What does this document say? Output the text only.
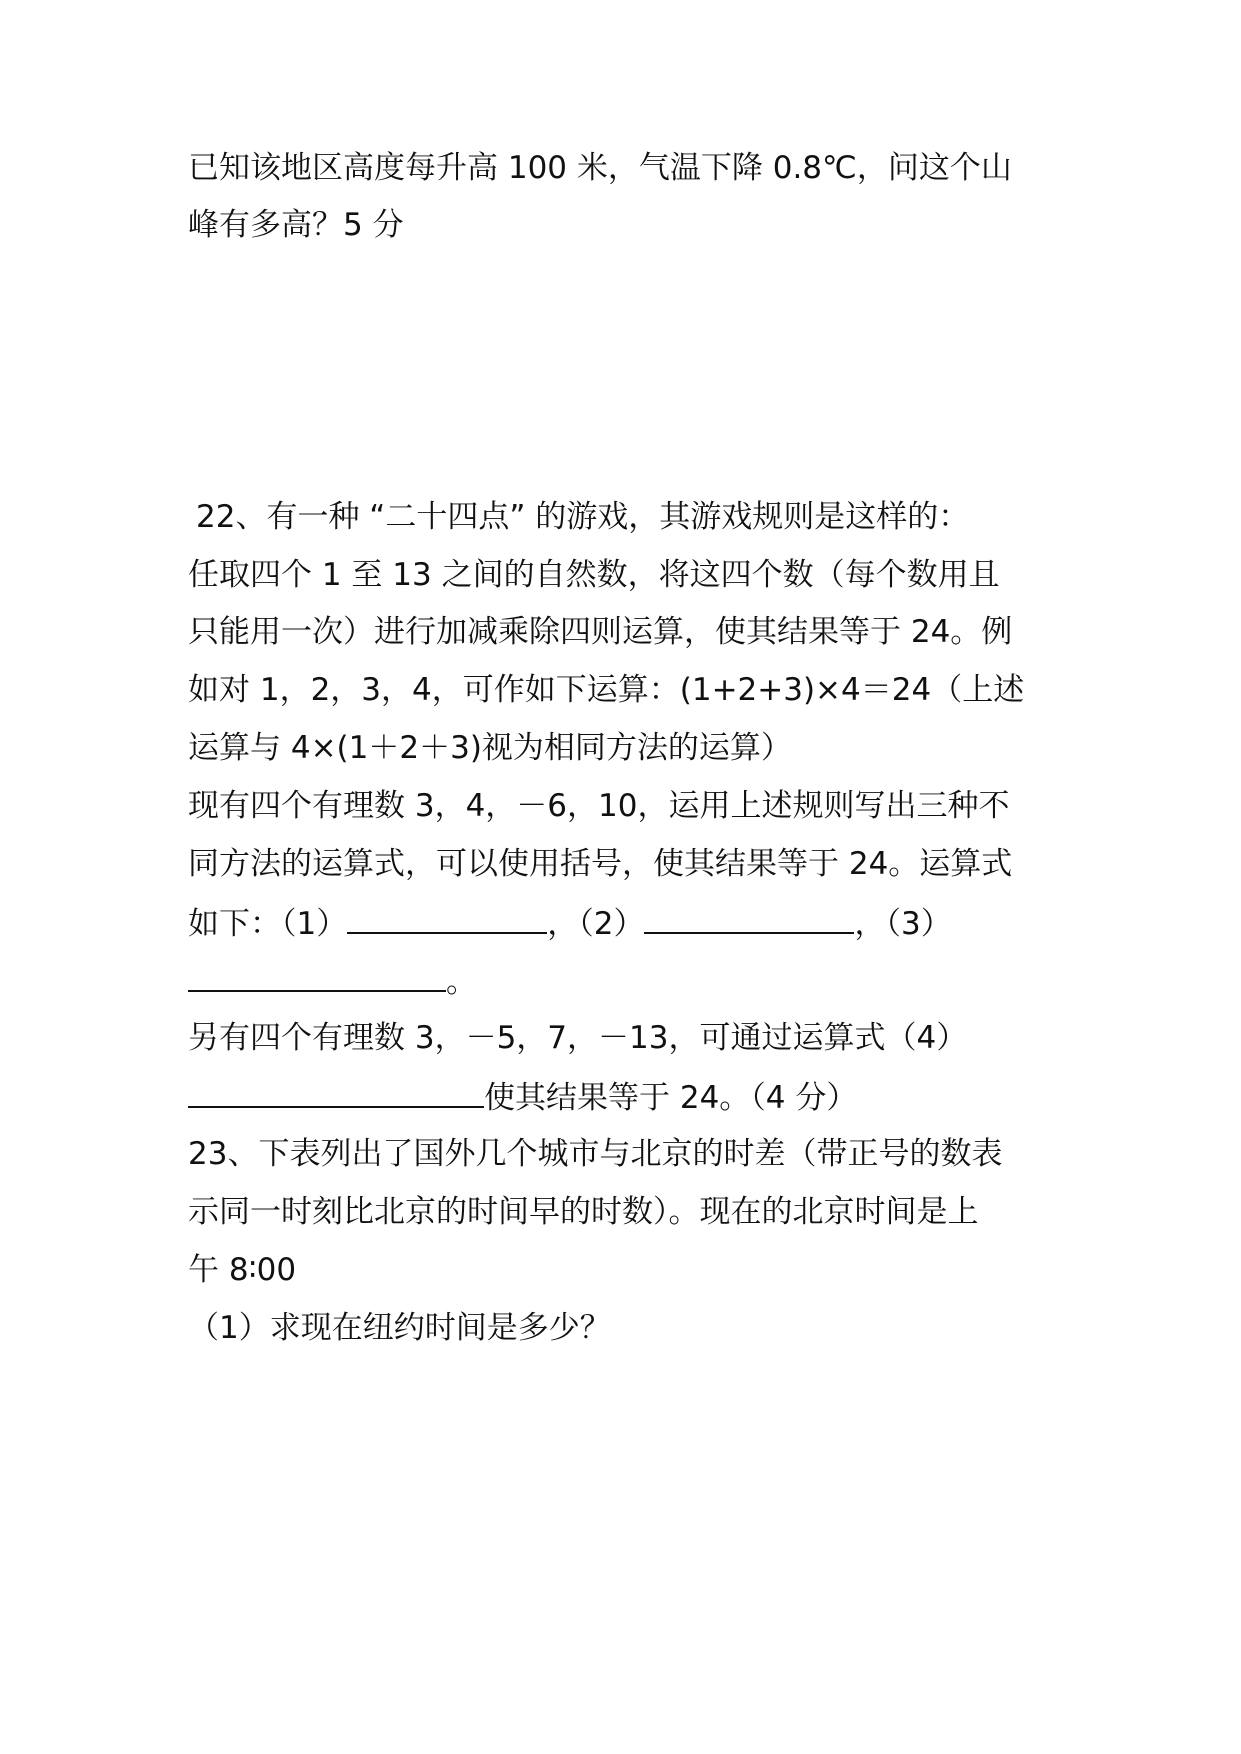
已知该地区高度每升高 100 米，气温下降 0.8℃，问这个山
峰有多高？5 分
22、有一种 “二十四点” 的游戏，其游戏规则是这样的：
任取四个 1 至 13 之间的自然数，将这四个数（每个数用且
只能用一次）进行加减乘除四则运算，使其结果等于 24。例
如对 1，2，3，4，可作如下运算：(1+2+3)×4＝24（上述
运算与 4×(1＋2＋3)视为相同方法的运算）
现有四个有理数 3，4，－6，10，运用上述规则写出三种不
同方法的运算式，可以使用括号，使其结果等于 24。运算式
如下：（1）	，（2）	，（3）
。
另有四个有理数 3，－5，7，－13，可通过运算式（4）
使其结果等于 24。（4 分）
23、下表列出了国外几个城市与北京的时差（带正号的数表
示同一时刻比北京的时间早的时数）。现在的北京时间是上
午 8∶00
（1）求现在纽约时间是多少？
